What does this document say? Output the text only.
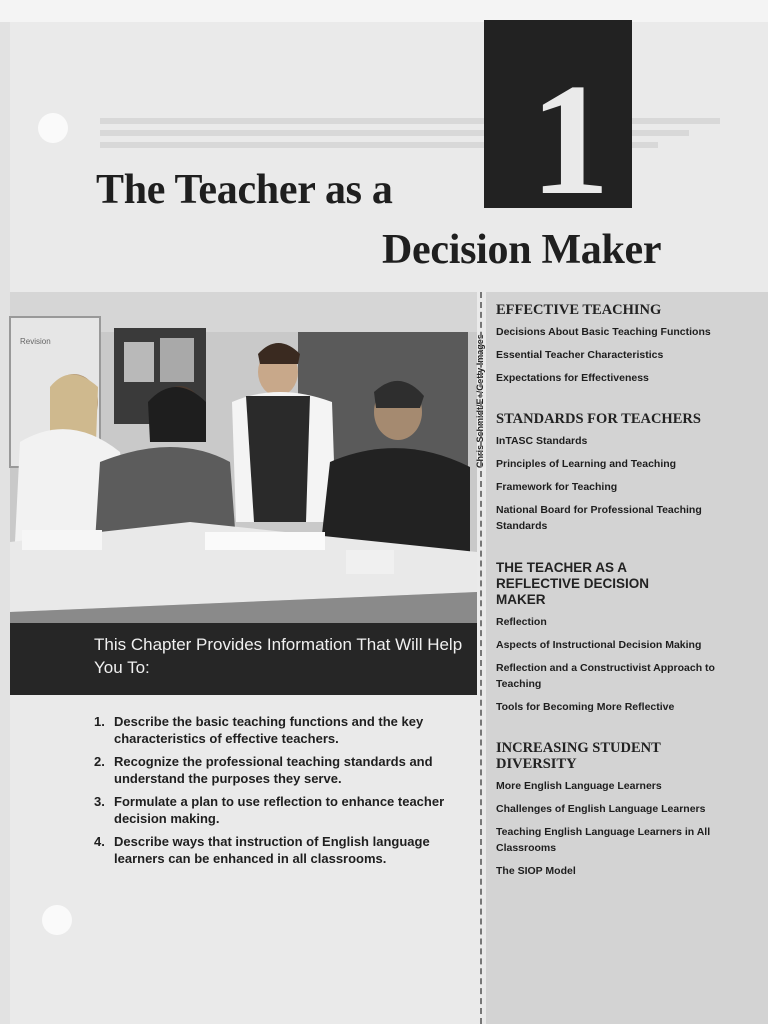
1
The Teacher as a
Decision Maker
Revision	Chris Schmidt/E+/Getty Images
This Chapter Provides Information That Will Help You To:
1. Describe the basic teaching functions and the key characteristics of effective teachers.
2. Recognize the professional teaching standards and understand the purposes they serve.
3. Formulate a plan to use reflection to enhance teacher decision making.
4. Describe ways that instruction of English language learners can be enhanced in all classrooms.
EFFECTIVE TEACHING
Decisions About Basic Teaching Functions
Essential Teacher Characteristics
Expectations for Effectiveness
STANDARDS FOR TEACHERS
InTASC Standards
Principles of Learning and Teaching
Framework for Teaching
National Board for Professional Teaching Standards
THE TEACHER AS A REFLECTIVE DECISION MAKER
Reflection
Aspects of Instructional Decision Making
Reflection and a Constructivist Approach to Teaching
Tools for Becoming More Reflective
INCREASING STUDENT DIVERSITY
More English Language Learners
Challenges of English Language Learners
Teaching English Language Learners in All Classrooms
The SIOP Model
